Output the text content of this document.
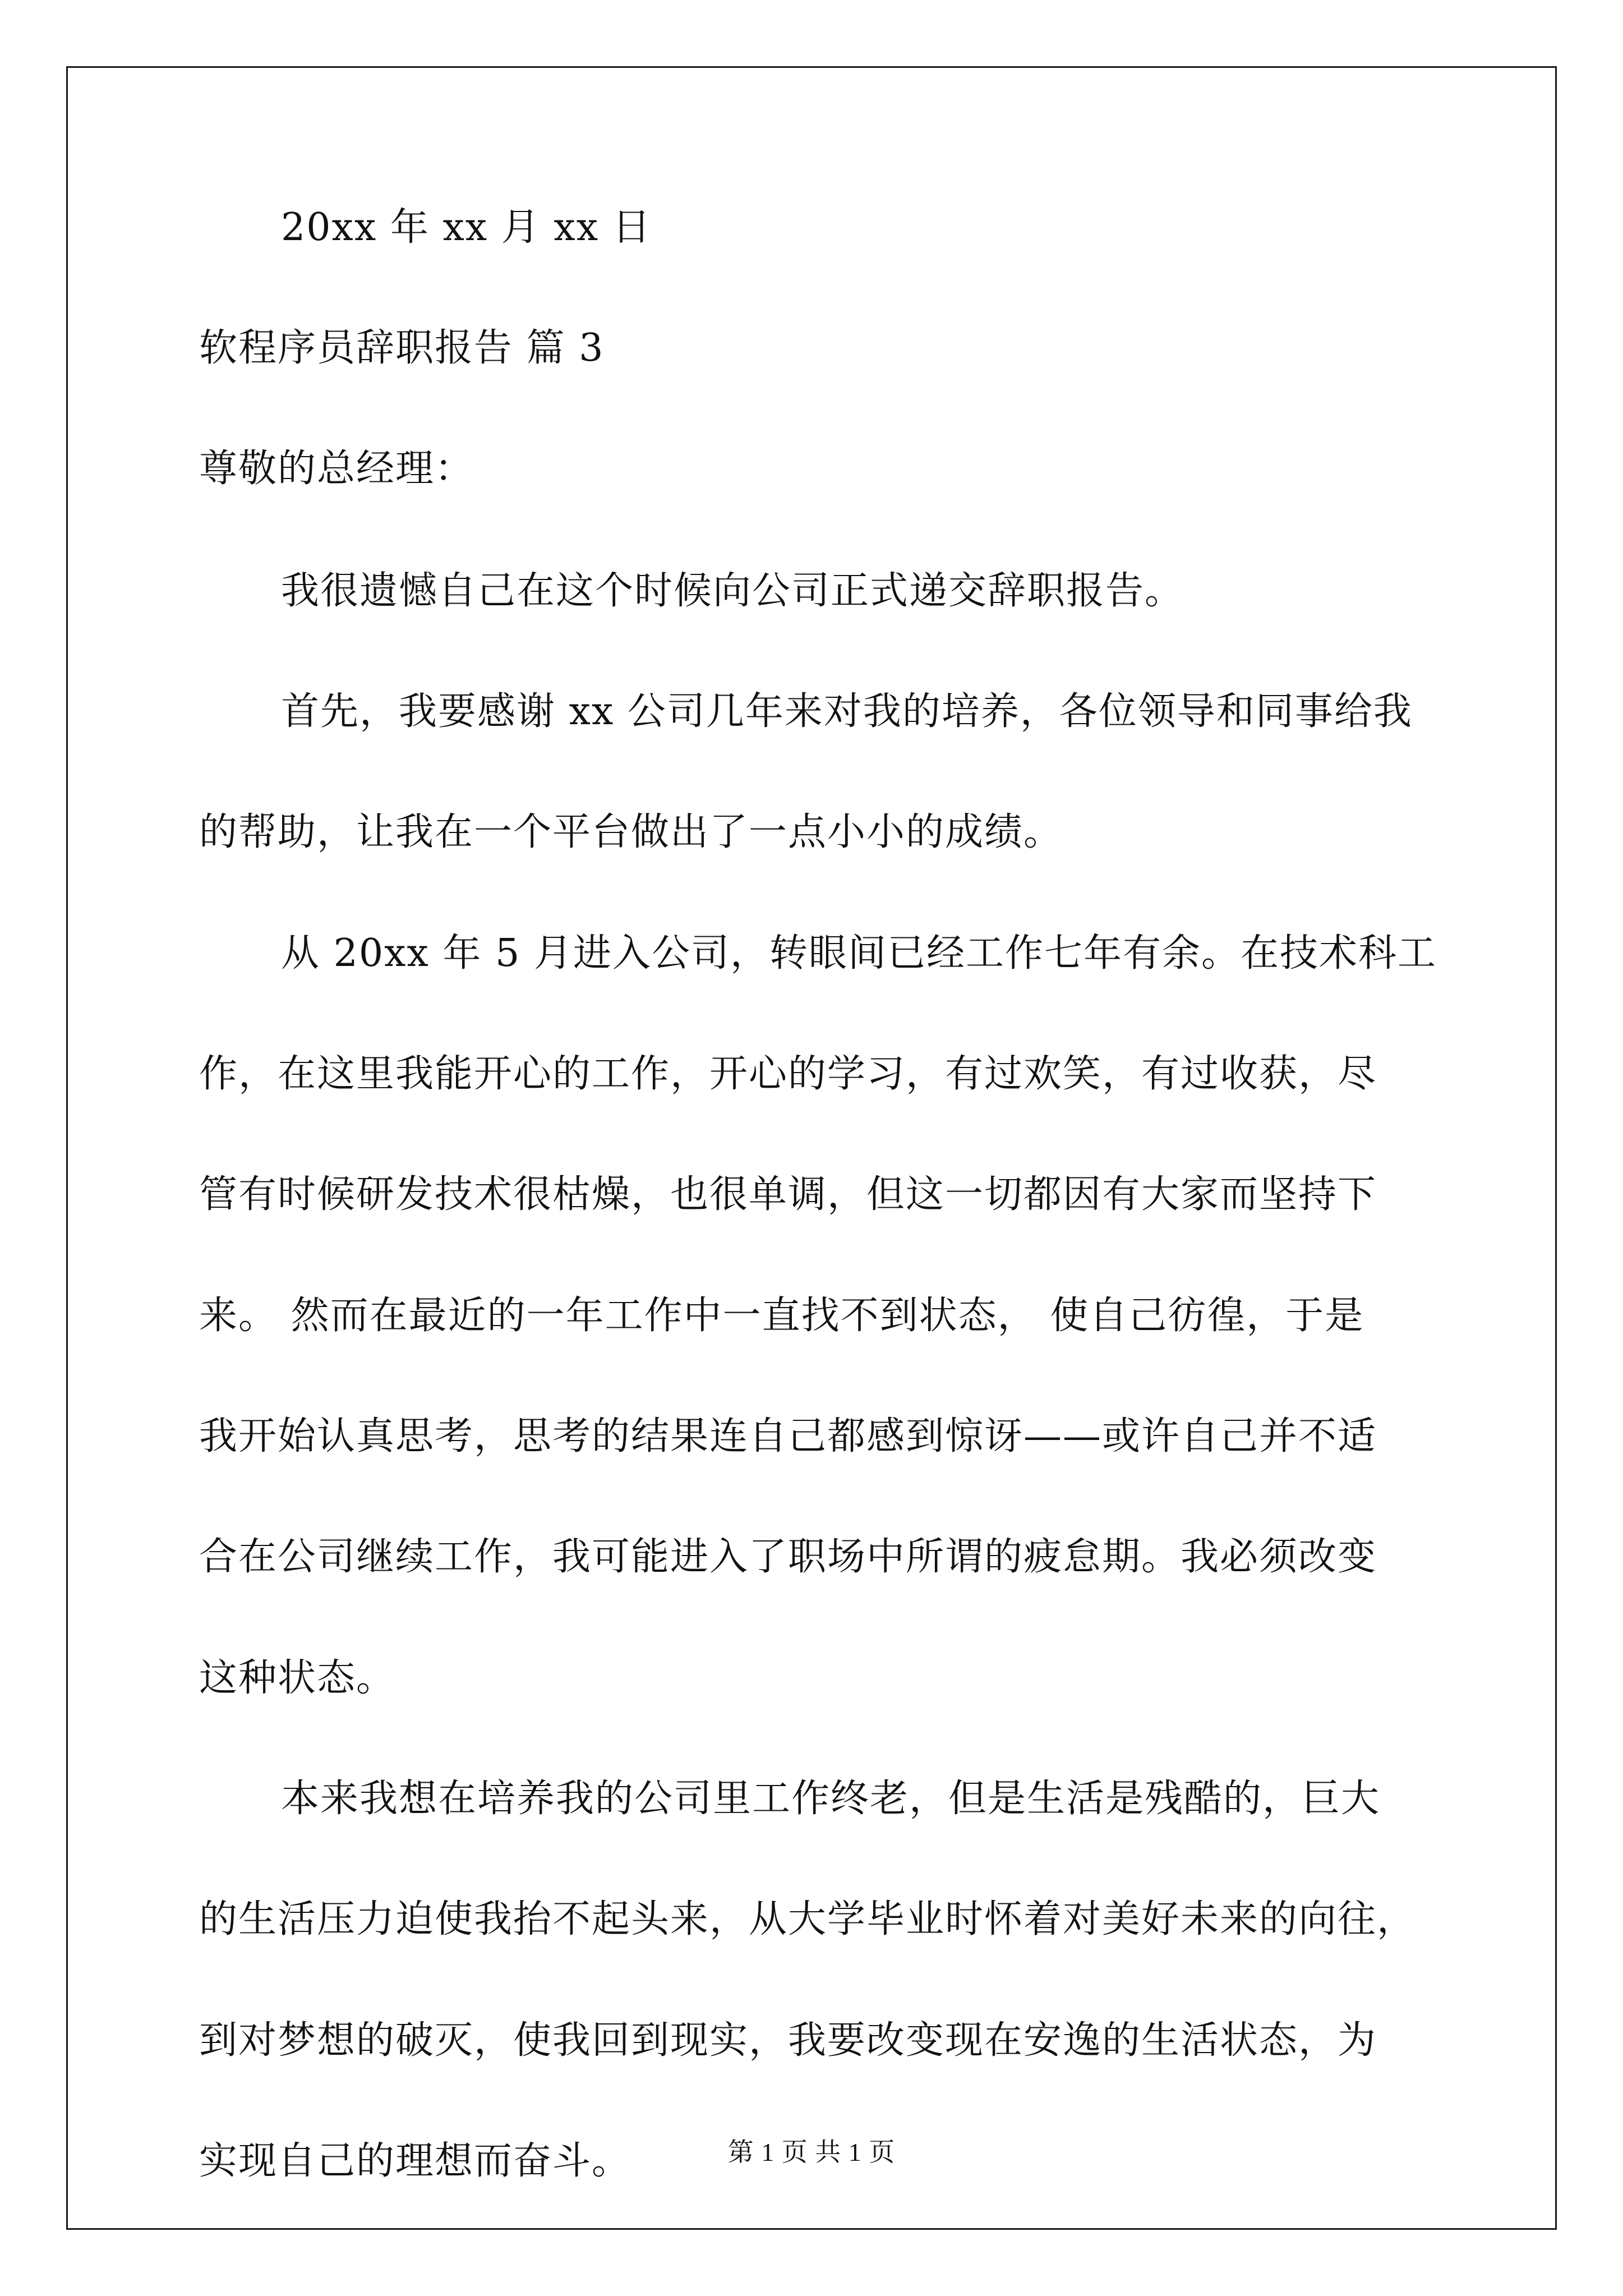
20xx 年 xx 月 xx 日
软程序员辞职报告 篇 3
尊敬的总经理：
我很遗憾自己在这个时候向公司正式递交辞职报告。
首先，我要感谢 xx 公司几年来对我的培养，各位领导和同事给我
的帮助，让我在一个平台做出了一点小小的成绩。
从 20xx 年 5 月进入公司，转眼间已经工作七年有余。在技术科工
作，在这里我能开心的工作，开心的学习，有过欢笑，有过收获，尽
管有时候研发技术很枯燥，也很单调，但这一切都因有大家而坚持下
来。 然而在最近的一年工作中一直找不到状态， 使自己彷徨，于是
我开始认真思考，思考的结果连自己都感到惊讶——或许自己并不适
合在公司继续工作，我可能进入了职场中所谓的疲怠期。我必须改变
这种状态。
本来我想在培养我的公司里工作终老，但是生活是残酷的，巨大
的生活压力迫使我抬不起头来，从大学毕业时怀着对美好未来的向往，
到对梦想的破灭，使我回到现实，我要改变现在安逸的生活状态，为
实现自己的理想而奋斗。	第 1 页 共 1 页
